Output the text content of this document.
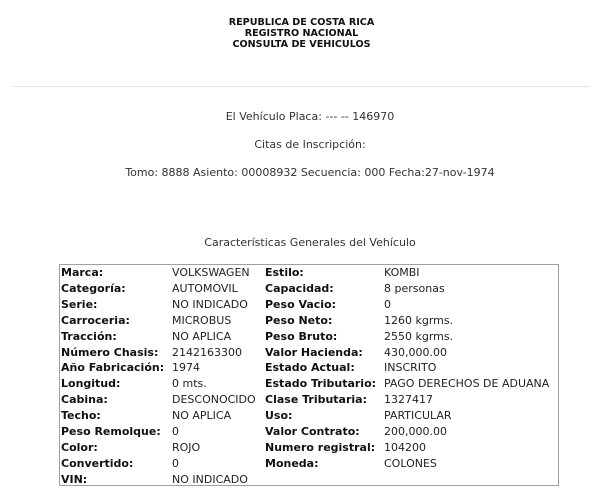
REPUBLICA DE COSTA RICA
REGISTRO NACIONAL
CONSULTA DE VEHICULOS
El Vehículo Placa: --- -- 146970
Citas de Inscripción:
Tomo: 8888 Asiento: 00008932 Secuencia: 000 Fecha:27-nov-1974
Características Generales del Vehículo
Marca:	VOLKSWAGEN Estilo:	KOMBI
Categoría:	AUTOMOVIL Capacidad:	8 personas
Serie:	NO INDICADO Peso Vacio:	0
Carroceria:	MICROBUS	Peso Neto:	1260 kgrms.
Tracción:	NO APLICA	Peso Bruto:	2550 kgrms.
Número Chasis: 2142163300 Valor Hacienda: 430,000.00
Año Fabricación: 1974	Estado Actual:	INSCRITO
Longitud:	0 mts.	Estado Tributario: PAGO DERECHOS DE ADUANA
Cabina:	DESCONOCIDO Clase Tributaria: 1327417
Techo:	NO APLICA	Uso:	PARTICULAR
Peso Remolque: 0	Valor Contrato: 200,000.00
Color:	ROJO	Numero registral: 104200
Convertido:	0	Moneda:	COLONES
VIN:	NO INDICADO
